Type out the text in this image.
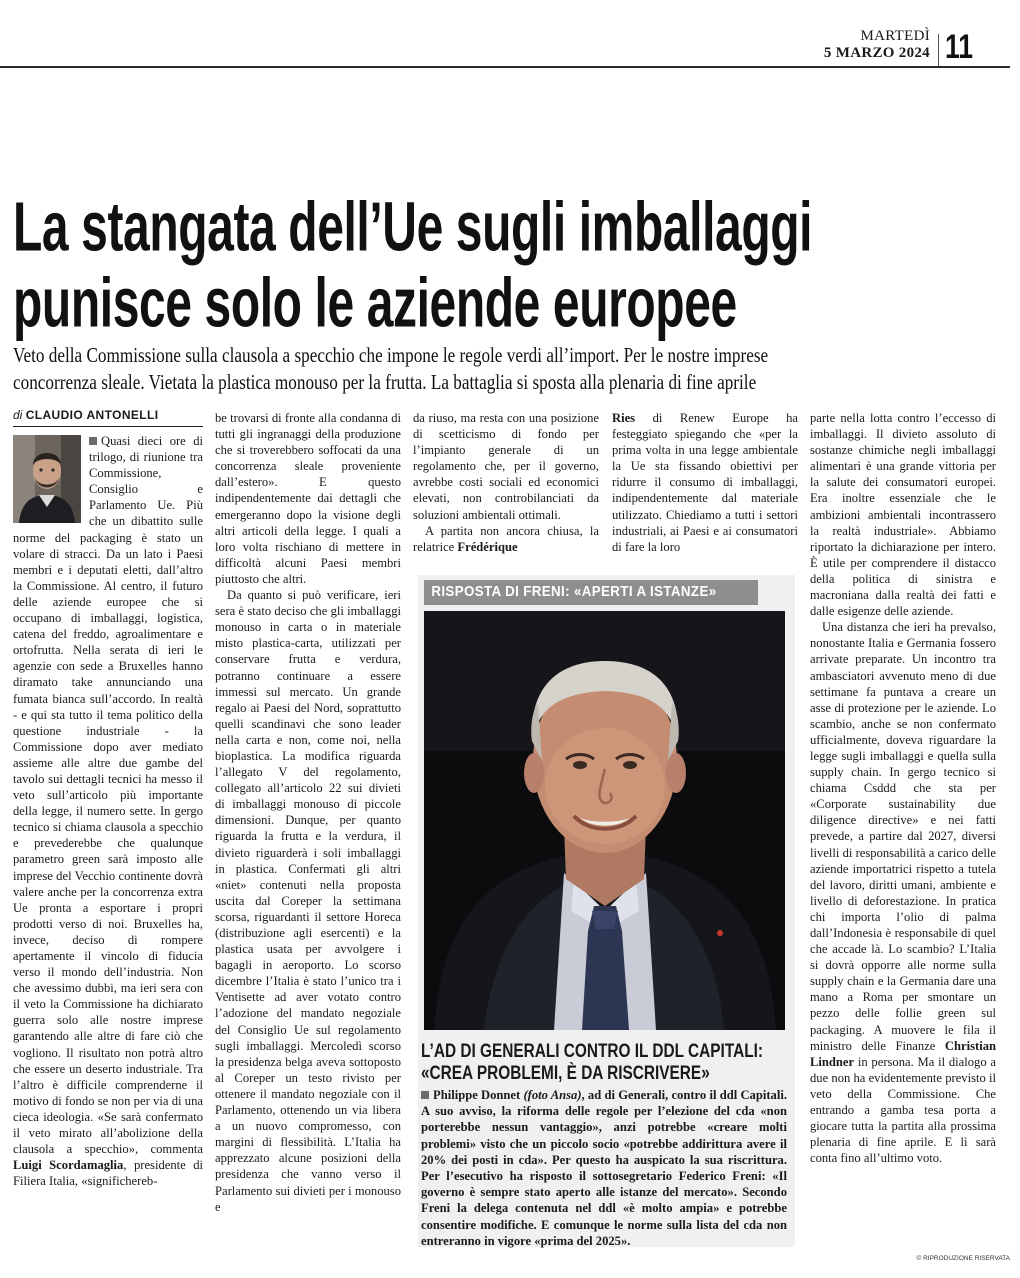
MARTEDÌ
5 MARZO 2024 11
La stangata dell’Ue sugli imballaggi
punisce solo le aziende europee
Veto della Commissione sulla clausola a specchio che impone le regole verdi all’import. Per le nostre imprese
concorrenza sleale. Vietata la plastica monouso per la frutta. La battaglia si sposta alla plenaria di fine aprile
di CLAUDIO ANTONELLI

Quasi dieci ore di trilogo, di riunione tra Commissione, Consiglio e Parlamento Ue. Più che un dibattito sulle norme del packaging è stato un volare di stracci. Da un lato i Paesi membri e i deputati eletti, dall’altro la Commissione. Al centro, il futuro delle aziende europee che si occupano di imballaggi, logistica, catena del freddo, agroalimentare e ortofrutta. Nella serata di ieri le agenzie con sede a Bruxelles hanno diramato take annunciando una fumata bianca sull’accordo. In realtà - e qui sta tutto il tema politico della questione industriale - la Commissione dopo aver mediato assieme alle altre due gambe del tavolo sui dettagli tecnici ha messo il veto sull’articolo più importante della legge, il numero sette. In gergo tecnico si chiama clausola a specchio e prevederebbe che qualunque parametro green sarà imposto alle imprese del Vecchio continente dovrà valere anche per la concorrenza extra Ue pronta a esportare i propri prodotti verso di noi. Bruxelles ha, invece, deciso di rompere apertamente il vincolo di fiducia verso il mondo dell’industria. Non che avessimo dubbi, ma ieri sera con il veto la Commissione ha dichiarato guerra solo alle nostre imprese garantendo alle altre di fare ciò che vogliono. Il risultato non potrà altro che essere un deserto industriale. Tra l’altro è difficile comprenderne il motivo di fondo se non per via di una cieca ideologia. «Se sarà confermato il veto mirato all’abolizione della clausola a specchio», commenta Luigi Scordamaglia, presidente di Filiera Italia, «significhereb-

be trovarsi di fronte alla condanna di tutti gli ingranaggi della produzione che si troverebbero soffocati da una concorrenza sleale proveniente dall’estero». E questo indipendentemente dai dettagli che emergeranno dopo la visione degli altri articoli della legge. I quali a loro volta rischiano di mettere in difficoltà alcuni Paesi membri piuttosto che altri.

Da quanto si può verificare, ieri sera è stato deciso che gli imballaggi monouso in carta o in materiale misto plastica-carta, utilizzati per conservare frutta e verdura, potranno continuare a essere immessi sul mercato. Un grande regalo ai Paesi del Nord, soprattutto quelli scandinavi che sono leader nella carta e non, come noi, nella bioplastica. La modifica riguarda l’allegato V del regolamento, collegato all’articolo 22 sui divieti di imballaggi monouso di piccole dimensioni. Dunque, per quanto riguarda la frutta e la verdura, il divieto riguarderà i soli imballaggi in plastica. Confermati gli altri «niet» contenuti nella proposta uscita dal Coreper la settimana scorsa, riguardanti il settore Horeca (distribuzione agli esercenti) e la plastica usata per avvolgere i bagagli in aeroporto. Lo scorso dicembre l’Italia è stato l’unico tra i Ventisette ad aver votato contro l’adozione del mandato negoziale del Consiglio Ue sul regolamento sugli imballaggi. Mercoledì scorso la presidenza belga aveva sottoposto al Coreper un testo rivisto per ottenere il mandato negoziale con il Parlamento, ottenendo un via libera a un nuovo compromesso, con margini di flessibilità. L’Italia ha apprezzato alcune posizioni della presidenza che vanno verso il Parlamento sui divieti per i monouso e

da riuso, ma resta con una posizione di scetticismo di fondo per l’impianto generale di un regolamento che, per il governo, avrebbe costi sociali ed economici elevati, non controbilanciati da soluzioni ambientali ottimali.

A partita non ancora chiusa, la relatrice Frédérique

Ries di Renew Europe ha festeggiato spiegando che «per la prima volta in una legge ambientale la Ue sta fissando obiettivi per ridurre il consumo di imballaggi, indipendentemente dal materiale utilizzato. Chiediamo a tutti i settori industriali, ai Paesi e ai consumatori di fare la loro

parte nella lotta contro l’eccesso di imballaggi. Il divieto assoluto di sostanze chimiche negli imballaggi alimentari è una grande vittoria per la salute dei consumatori europei. Era inoltre essenziale che le ambizioni ambientali incontrassero la realtà industriale». Abbiamo riportato la dichiarazione per intero. È utile per comprendere il distacco della politica di sinistra e macroniana dalla realtà dei fatti e dalle esigenze delle aziende.

Una distanza che ieri ha prevalso, nonostante Italia e Germania fossero arrivate preparate. Un incontro tra ambasciatori avvenuto meno di due settimane fa puntava a creare un asse di protezione per le aziende. Lo scambio, anche se non confermato ufficialmente, doveva riguardare la legge sugli imballaggi e quella sulla supply chain. In gergo tecnico si chiama Csddd che sta per «Corporate sustainability due diligence directive» e nei fatti prevede, a partire dal 2027, diversi livelli di responsabilità a carico delle aziende importatrici rispetto a tutela del lavoro, diritti umani, ambiente e livello di deforestazione. In pratica chi importa l’olio di palma dall’Indonesia è responsabile di quel che accade là. Lo scambio? L’Italia si dovrà opporre alle norme sulla supply chain e la Germania dare una mano a Roma per smontare un pezzo delle follie green sul packaging. A muovere le fila il ministro delle Finanze Christian Lindner in persona. Ma il dialogo a due non ha evidentemente previsto il veto della Commissione. Che entrando a gamba tesa porta a giocare tutta la partita alla prossima plenaria di fine aprile. E lì sarà conta fino all’ultimo voto.

RISPOSTA DI FRENI: «APERTI A ISTANZE»
L’AD DI GENERALI CONTRO IL DDL CAPITALI:
«CREA PROBLEMI, È DA RISCRIVERE»
Philippe Donnet (foto Ansa), ad di Generali, contro il ddl Capitali. A suo avviso, la riforma delle regole per l’elezione del cda «non porterebbe nessun vantaggio», anzi potrebbe «creare molti problemi» visto che un piccolo socio «potrebbe addirittura avere il 20% dei posti in cda». Per questo ha auspicato la sua riscrittura. Per l’esecutivo ha risposto il sottosegretario Federico Freni: «Il governo è sempre stato aperto alle istanze del mercato». Secondo Freni la delega contenuta nel ddl «è molto ampia» e potrebbe consentire modifiche. E comunque le norme sulla lista del cda non entreranno in vigore «prima del 2025».
© RIPRODUZIONE RISERVATA
